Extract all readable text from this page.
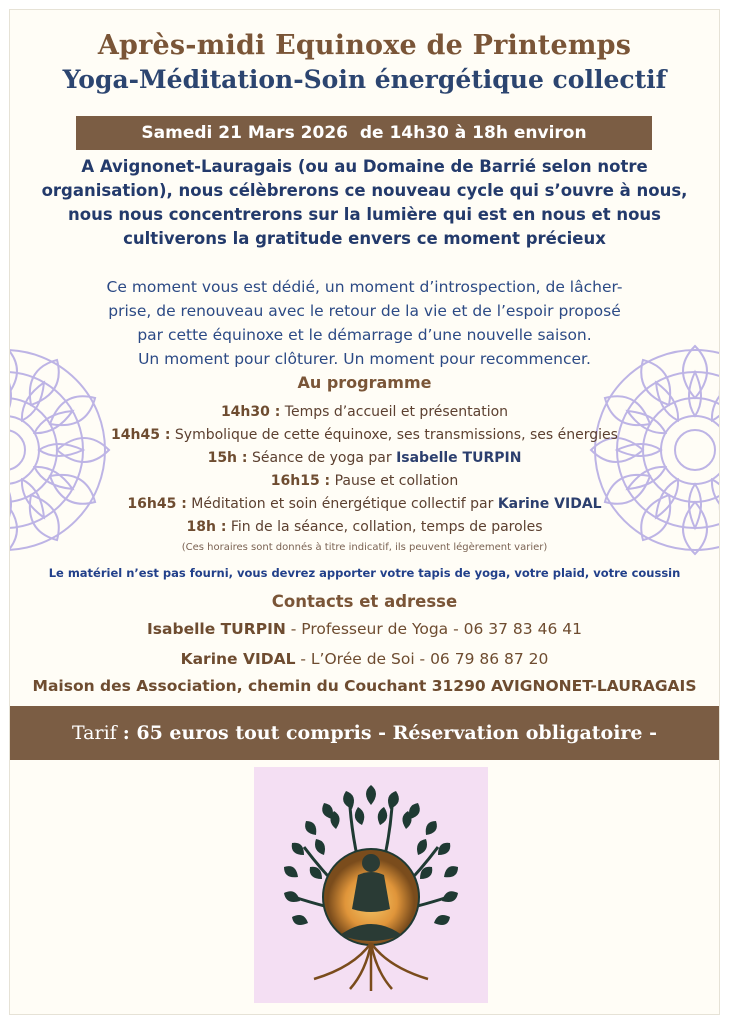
Après-midi Equinoxe de Printemps
Yoga-Méditation-Soin énergétique collectif
Samedi 21 Mars 2026
de 14h30 à 18h environ
A Avignonet-Lauragais (ou au Domaine de Barrié selon notre
organisation), nous célèbrerons ce nouveau cycle qui s’ouvre à nous,
nous nous concentrerons sur la lumière qui est en nous et nous
cultiverons la gratitude envers ce moment précieux
Ce moment vous est dédié, un moment d’introspection, de lâcher-
prise, de renouveau avec le retour de la vie et de l’espoir proposé
par cette équinoxe et le démarrage d’une nouvelle saison.
Un moment pour clôturer. Un moment pour recommencer.
Au programme
14h30 : Temps d’accueil et présentation
14h45 : Symbolique de cette équinoxe, ses transmissions, ses énergies
15h : Séance de yoga par Isabelle TURPIN
16h15 : Pause et collation
16h45 : Méditation et soin énergétique collectif par Karine VIDAL
18h : Fin de la séance, collation, temps de paroles
(Ces horaires sont donnés à titre indicatif, ils peuvent légèrement varier)
Le matériel n’est pas fourni, vous devrez apporter votre tapis de yoga, votre plaid, votre coussin
Contacts et adresse
Isabelle TURPIN - Professeur de Yoga - 06 37 83 46 41
Karine VIDAL - L’Orée de Soi - 06 79 86 87 20
Maison des Association, chemin du Couchant 31290 AVIGNONET-LAURAGAIS
Tarif : 65 euros tout compris - Réservation obligatoire -
